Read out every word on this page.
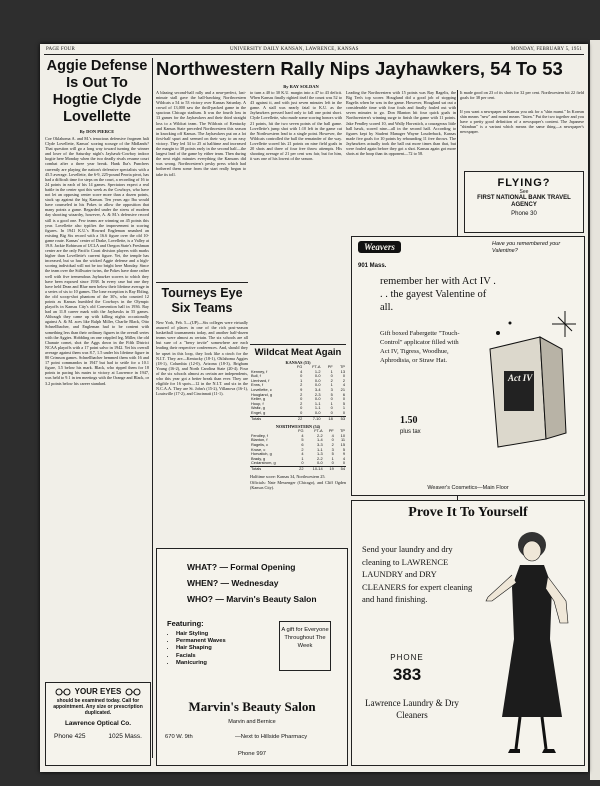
PAGE FOUR	UNIVERSITY DAILY KANSAN, LAWRENCE, KANSAS	MONDAY, FEBRUARY 5, 1951
Aggie Defense Is Out To Hogtie Clyde Lovellette
By DON PIERCE
Coe Oklahoma A. and M.'s tenacious defensive frogmen halt Clyde Lovellette, Kansas' scoring scourge of the Midlands? That question will go a long way toward turning the winner and loser of the Saturday night's Jayhawk-Cowboy indoor hogtie here Monday when the two deadly rivals resume court combat after a three year break. Hank Iba's Punchers currently are playing the nation's defensive specialists with a 45.5 average. Lovellette, the 6-9, 225-pound Peoria pivot, has had a difficult time for steps on the court, a recording of 16 to 24 points in each of his 14 games. Spectators expect a real battle in the center spot this week as the Cowboys, who have not let an opposing center score more than a dozen points, stack up against the big Kansan. Ten years ago Iba would have counseled in his Pokes to allow the opposition that many points a game. Regarded under the stress of modern day shooting wizardry, however, A. & M.'s defensive record still is a good one. Few teams are winning on 45 points this year. Lovellette also typifies the improvement in scoring figures. In 1941 K.U.'s Howard Engleman smashed an existing Big Six record with a 16.6 figure over the old 10-game route. Kansas' center of Drake, Lovellette, is a Valley at 19.8. Jackie Robinson of UCLA and Oregon State's Freshman center are the only Pacific Coast division players with marks higher than Lovellette's current figure. Yet, the temple has increased, but so has the wicked Aggie defense and a high-scoring individual will not be too bright here Monday. Since the team over the Stillwater twins, the Pokes have done rather well with five tremendous Jayhawker scorers to which they have been exposed since 1938. In every case but one they have held Dean and Blue men below their lifetime average in a series of six to 10 games. The lone exception is Ray Ebling, the old scoop-shot phantom of the 30's, who counted 12 points as Kansas humbled the Cowboys in the Olympic playoffs in Kansas City's old Convention hall in 1936. Ray had an 11.8 career mark with the Jayhawks in 55 games. Although they came up with killing nights occasionally against A. & M. aces like Ralph Miller, Charlie Black, Otto Schnellbacher, and Engleman had to be content with something less than their ordinary figures in the overall series with the Aggies. Hobbling on one crippled leg, Miller, the old Chanute comet, shot the Aggs down in the Fifth District NCAA playoffs with a 17 point salvo in 1942. Yet his overall average against them was 8.7, 1.5 under his lifetime figure in 80 Crimson games. Schnellbacher hemmed them with 16 and 17 point commandos in 1947 but had to settle for a 10.1 figure, 3.5 below his mark. Black, who ripped them for 18 points in pacing his mates to victory at Lawrence in 1947, was held to 9.1 in ten meetings with the Orange and Black, or 3.2 points below his career standard.
YOUR EYES
should be examined today. Call for appointment. Any size or prescription duplicated.
Lawrence Optical Co.
Phone 425	1025 Mass.
Northwestern Rally Nips Jayhawkers, 54 To 53
By RAY SOLDAN
A blazing second-half rally and a near-perfect, last-minute stall gave the ball-hawking Northwestern Wildcats a 54 to 53 victory over Kansas Saturday. A crowd of 13,000 saw the thrill-packed game in the spacious Chicago stadium. It was the fourth loss in 13 games for the Jayhawkers and their third straight loss to a Wildcat team. The Wildcats of Kentucky and Kansas State preceded Northwestern this season in knocking off Kansas. The Jayhawkers put on a lot first-half spurt and seemed on their way to an easy victory. They led 34 to 25 at halftime and increased the margin to 38 points early in the second half—the largest lead of the game by either team. Then during the next eight minutes everything the Kansans did was wrong. Northwestern's pesky press which had bothered them some from the start really began to take its toll.
to turn a 40 to 30 K.U. margin into a 47 to 43 deficit. When Kansas finally righted itself the count was 52 to 43 against it, and with just seven minutes left in the game. A stall was nearly fatal to K.U. as the Jayhawkers pressed hard only to fall one point short. Clyde Lovellette, who made some scoring honors with 21 points, hit the two seven points of the ball game. Lovellette's jump shot with 1:10 left in the game cut the Northwestern lead to a single point. However, the Wildcats controlled the ball the remainder of the way. Lovellette scored his 21 points on nine field goals in 20 shots and three of four free throw attempts. His shooting average of 21 per cent was fair, but for him, it was one of his lowest of the season.
Leading the Northwestern with 15 points was Ray Ragelis, the Big Ten's top scorer. Hougland did a good job of stopping Ragelis when he was in the game. However, Hougland sat out a considerable time with four fouls and finally fouled out with seven minutes to go. Don Blanton hit four quick goals in Northwestern's winning surge to finish the game with 11 points. Jake Fendley scored 10, and Wally Horvatich, a courageous little ball hawk, scored nine—all in the second half. According to figures kept by Student Manager Wayne Louderback, Kansas made five goals for 10 points by rebounding 11 free throws. The Jayhawkers actually took the ball out more times than that, but were fouled again before they got a shot. Kansas again got more shots at the hoop than its opponent—72 to 58.
It made good on 23 of its shots for 32 per cent. Northwestern hit 22 field goals for 38 per cent.
If you want a newspaper in Kansas you ask for a "shin mami." In Korean shin means "new" and mami means "listen." Put the two together and you have a pretty good definition of a newspaper's content. The Japanese "shimbun" is a variant which means the same thing—a newspaper's newspaper.
FLYING?
See
FIRST NATIONAL BANK TRAVEL AGENCY
Phone 30
Weavers	Have you remembered your Valentine?
901 Mass.
remember her with Act IV . . . the gayest Valentine of all.
Gift boxed Fabergette "Touch-Control" applicator filled with Act IV, Tigress, Woodhue, Aphrodisia, or Straw Hat.
1.50
plus tax
Act IV
Weaver's Cosmetics—Main Floor
Tourneys Eye Six Teams
New York, Feb. 5—(UP)—Six colleges were virtually assured of places in one of the rich post-season basketball tournaments today, and another half-dozen teams were almost as certain. The six schools are all but sure of a "berry invite" somewhere are each leading their respective conferences. And, should they be upset in this loop, they look like a cinch for the N.I.T. They are—Kentucky (18-1), Oklahoma Aggies (18-1), Columbia (12-0), Arizona (18-3), Brigham Young (16-2), and North Carolina State (20-4). Four of the six schools almost as certain are independents, who this year got a better break than ever. They are eligible for 16 spots—12 in the N.I.T. and six in the N.C.A.A. They are St. John's (15-2), Villanova (16-1), Louisville (17-2), and Cincinnati (11-1).
Wildcat Meat Again
KANSAS (53)
	FG	FT-A	PF	TP
Kenney, f	4	1-2	1	13
Bull, f	0	0-0	0	0
Lienhard, f	1	0-0	2	2
Enns, f	2	0-0	1	4
Lovellette, c	9	3-4	3	21
Hougland, g	2	2-3	5	6
Keller, g	0	0-0	0	0
Houp, f	2	1-1	1	5
Waltz, g	0	1-1	0	1
Engel, g	0	0-0	0	0
Totals	22	7-10	18	53
NORTHWESTERN (54)
	FG	FT-A	PF	TP
Fendley, f	4	2-2	4	10
Blanton, f	5	1-4	0	11
Ragelis, c	6	3-3	2	15
Kruse, c	2	1-1	3	5
Horvatich, g	4	1-3	5	9
Brady, g	1	2-2	1	4
Cedarstrom, g	0	0-0	0	0
Totals	22	10-14	19	54
Halftime score: Kansas 34, Northwestern 25.
Officials: Nate Messenger (Chicago), and Cliff Ogden (Kansas City).
WHAT? — Formal Opening
WHEN? — Wednesday
WHO? — Marvin's Beauty Salon
Featuring:
• Hair Styling
• Permanent Waves
• Hair Shaping
• Facials
• Manicuring
A gift for Everyone Throughout The Week
Marvin's Beauty Salon
Marvin and Bernice
670 W. 9th	—Next to Hillside Pharmacy
Phone 997
Prove It To Yourself
Send your laundry and dry cleaning to LAWRENCE LAUNDRY and DRY CLEANERS for expert cleaning and hand finishing.
PHONE
383
Lawrence Laundry & Dry Cleaners
